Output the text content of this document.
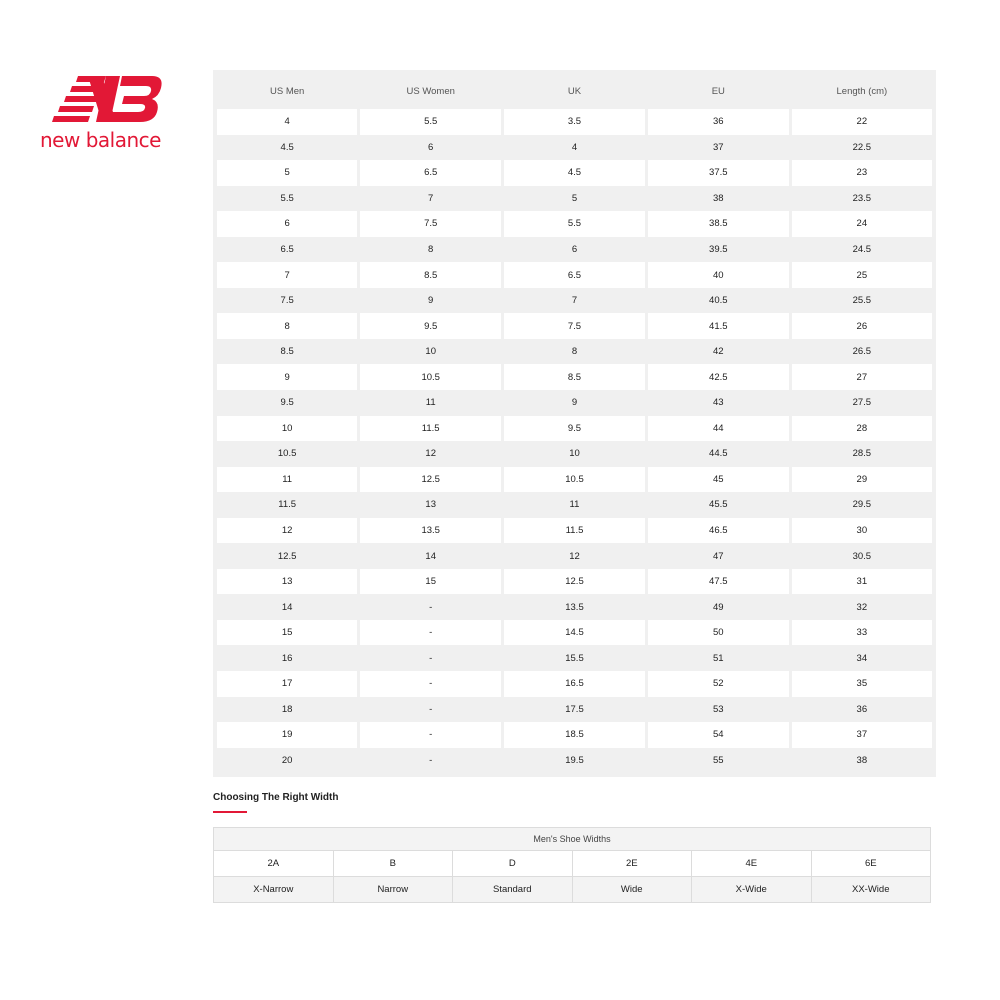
new balance
US Men	US Women	UK	EU	Length (cm)
4	5.5	3.5	36	22
4.5	6	4	37	22.5
5	6.5	4.5	37.5	23
5.5	7	5	38	23.5
6	7.5	5.5	38.5	24
6.5	8	6	39.5	24.5
7	8.5	6.5	40	25
7.5	9	7	40.5	25.5
8	9.5	7.5	41.5	26
8.5	10	8	42	26.5
9	10.5	8.5	42.5	27
9.5	11	9	43	27.5
10	11.5	9.5	44	28
10.5	12	10	44.5	28.5
11	12.5	10.5	45	29
11.5	13	11	45.5	29.5
12	13.5	11.5	46.5	30
12.5	14	12	47	30.5
13	15	12.5	47.5	31
14	-	13.5	49	32
15	-	14.5	50	33
16	-	15.5	51	34
17	-	16.5	52	35
18	-	17.5	53	36
19	-	18.5	54	37
20	-	19.5	55	38
Choosing The Right Width
Men's Shoe Widths					
2A	B	D	2E	4E	6E
X-Narrow	Narrow	Standard	Wide	X-Wide	XX-Wide
